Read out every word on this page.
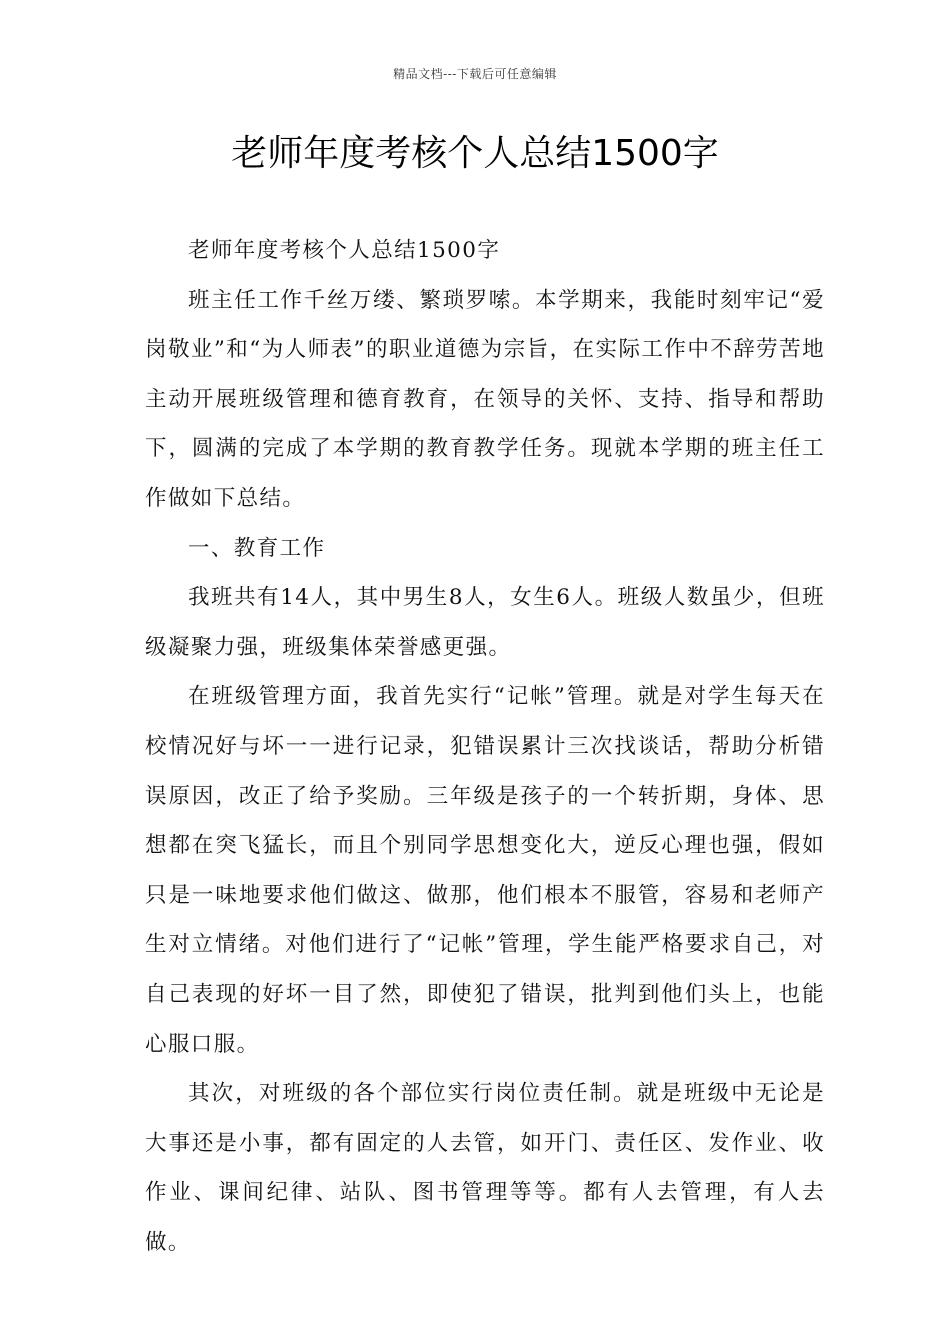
精品文档---下载后可任意编辑
老师年度考核个人总结1500字

老师年度考核个人总结1500字

班主任工作千丝万缕、繁琐罗嗦。本学期来，我能时刻牢记“爱岗敬业”和“为人师表”的职业道德为宗旨，在实际工作中不辞劳苦地主动开展班级管理和德育教育，在领导的关怀、支持、指导和帮助下，圆满的完成了本学期的教育教学任务。现就本学期的班主任工作做如下总结。

一、教育工作

我班共有14人，其中男生8人，女生6人。班级人数虽少，但班级凝聚力强，班级集体荣誉感更强。

在班级管理方面，我首先实行“记帐”管理。就是对学生每天在校情况好与坏一一进行记录，犯错误累计三次找谈话，帮助分析错误原因，改正了给予奖励。三年级是孩子的一个转折期，身体、思想都在突飞猛长，而且个别同学思想变化大，逆反心理也强，假如只是一味地要求他们做这、做那，他们根本不服管，容易和老师产生对立情绪。对他们进行了“记帐”管理，学生能严格要求自己，对自己表现的好坏一目了然，即使犯了错误，批判到他们头上，也能心服口服。

其次，对班级的各个部位实行岗位责任制。就是班级中无论是大事还是小事，都有固定的人去管，如开门、责任区、发作业、收作业、课间纪律、站队、图书管理等等。都有人去管理，有人去做。
